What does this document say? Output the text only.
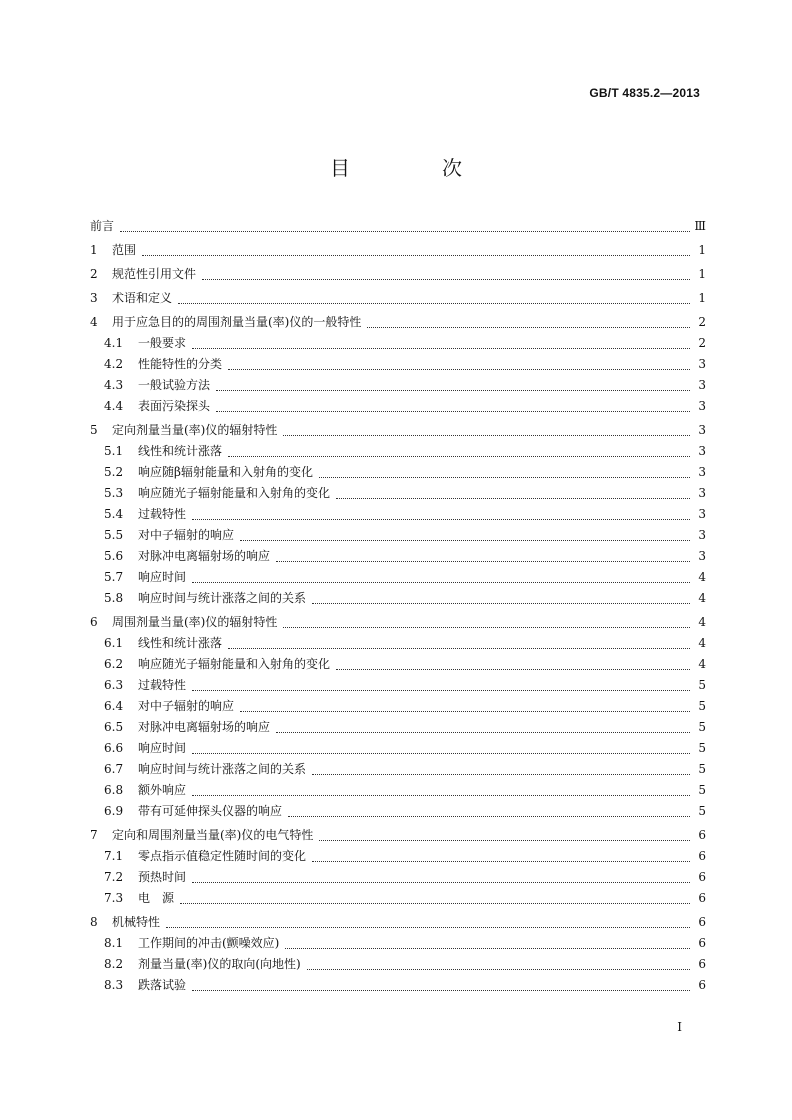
GB/T 4835.2—2013
目　次
前言	Ⅲ
1	范围	1
2	规范性引用文件	1
3	术语和定义	1
4	用于应急目的的周围剂量当量(率)仪的一般特性	2
4.1	一般要求	2
4.2	性能特性的分类	3
4.3	一般试验方法	3
4.4	表面污染探头	3
5	定向剂量当量(率)仪的辐射特性	3
5.1	线性和统计涨落	3
5.2	响应随β辐射能量和入射角的变化	3
5.3	响应随光子辐射能量和入射角的变化	3
5.4	过载特性	3
5.5	对中子辐射的响应	3
5.6	对脉冲电离辐射场的响应	3
5.7	响应时间	4
5.8	响应时间与统计涨落之间的关系	4
6	周围剂量当量(率)仪的辐射特性	4
6.1	线性和统计涨落	4
6.2	响应随光子辐射能量和入射角的变化	4
6.3	过载特性	5
6.4	对中子辐射的响应	5
6.5	对脉冲电离辐射场的响应	5
6.6	响应时间	5
6.7	响应时间与统计涨落之间的关系	5
6.8	额外响应	5
6.9	带有可延伸探头仪器的响应	5
7	定向和周围剂量当量(率)仪的电气特性	6
7.1	零点指示值稳定性随时间的变化	6
7.2	预热时间	6
7.3	电　源	6
8	机械特性	6
8.1	工作期间的冲击(颤噪效应)	6
8.2	剂量当量(率)仪的取向(向地性)	6
8.3	跌落试验	6
I
